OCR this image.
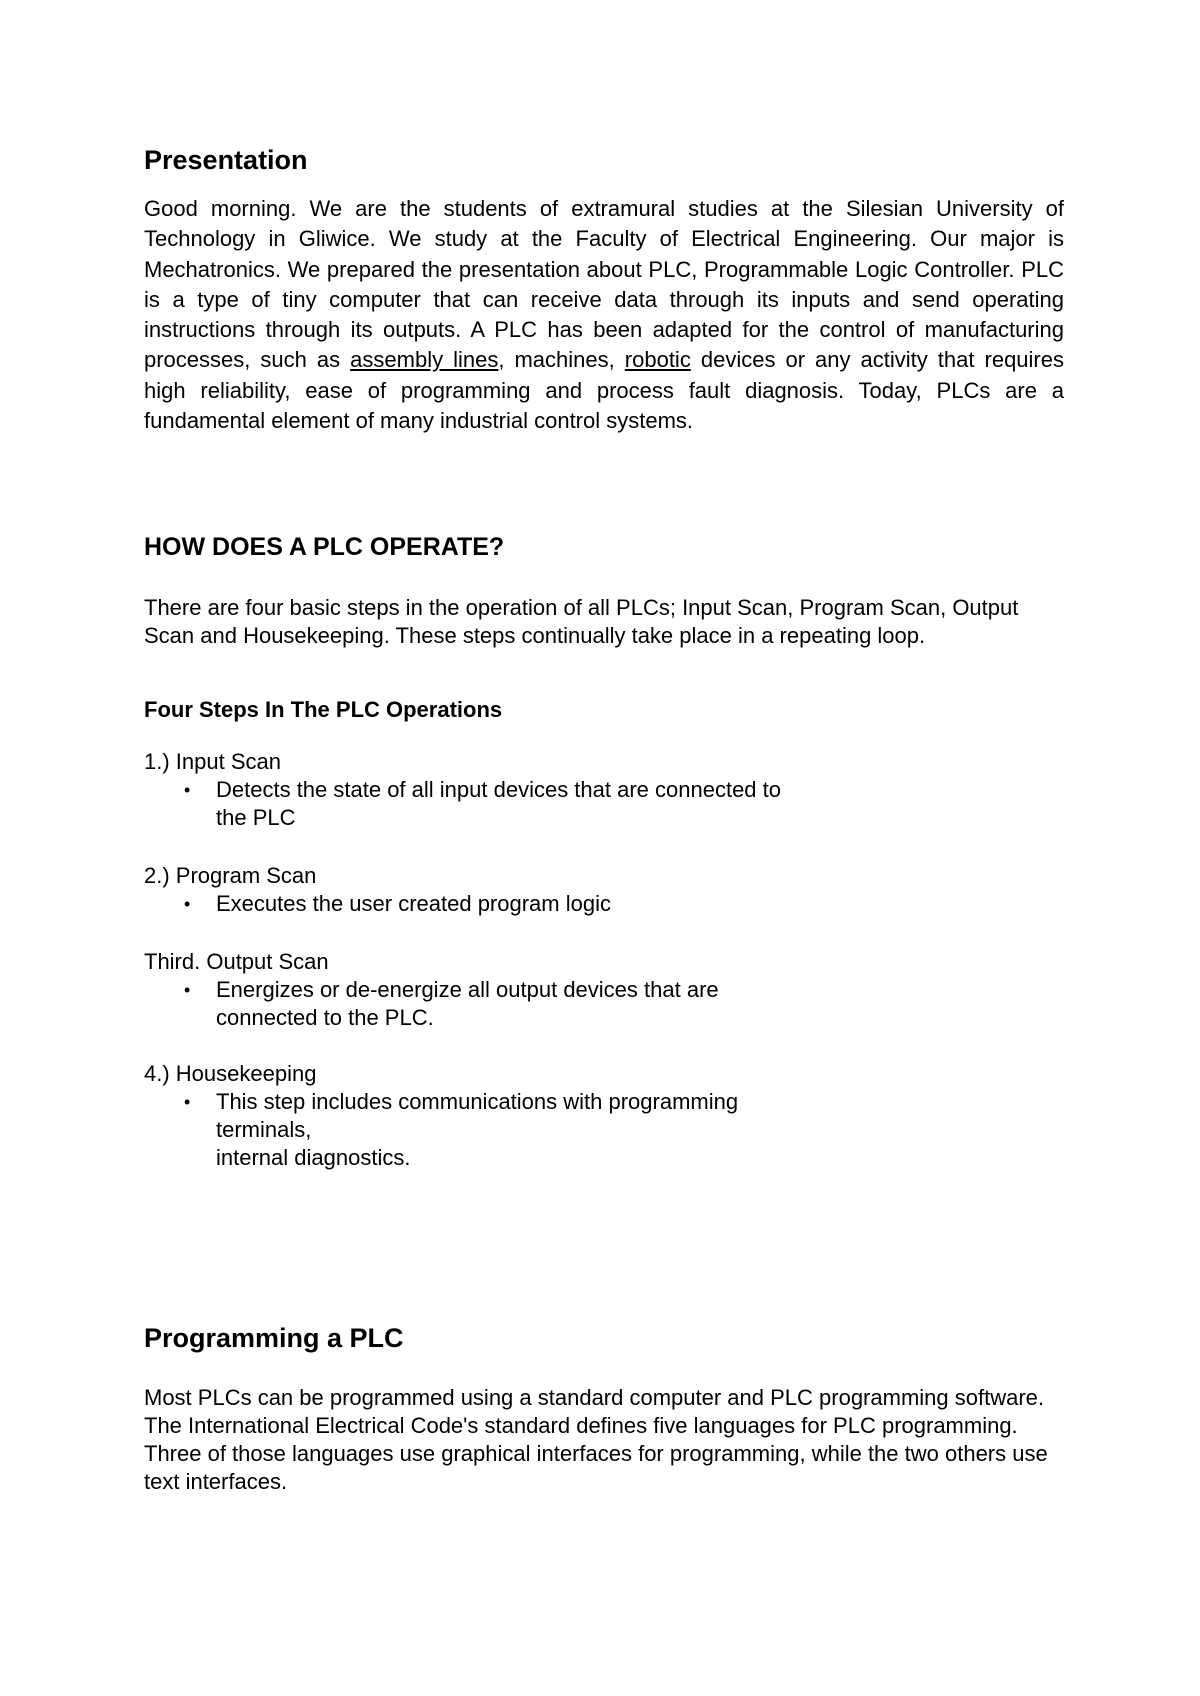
Presentation

Good morning. We are the students of extramural studies at the Silesian University of Technology in Gliwice. We study at the Faculty of Electrical Engineering. Our major is Mechatronics. We prepared the presentation about PLC, Programmable Logic Controller. PLC is a type of tiny computer that can receive data through its inputs and send operating instructions through its outputs. A PLC has been adapted for the control of manufacturing processes, such as assembly lines, machines, robotic devices or any activity that requires high reliability, ease of programming and process fault diagnosis. Today, PLCs are a fundamental element of many industrial control systems.

HOW DOES A PLC OPERATE?

There are four basic steps in the operation of all PLCs; Input Scan, Program Scan, Output Scan and Housekeeping. These steps continually take place in a repeating loop.

Four Steps In The PLC Operations

1.) Input Scan

• Detects the state of all input devices that are connected to
the PLC

2.) Program Scan

• Executes the user created program logic

Third. Output Scan

• Energizes or de-energize all output devices that are
connected to the PLC.

4.) Housekeeping

• This step includes communications with programming
terminals,
internal diagnostics.
Programming a PLC

Most PLCs can be programmed using a standard computer and PLC programming software. The International Electrical Code's standard defines five languages for PLC programming. Three of those languages use graphical interfaces for programming, while the two others use text interfaces.
